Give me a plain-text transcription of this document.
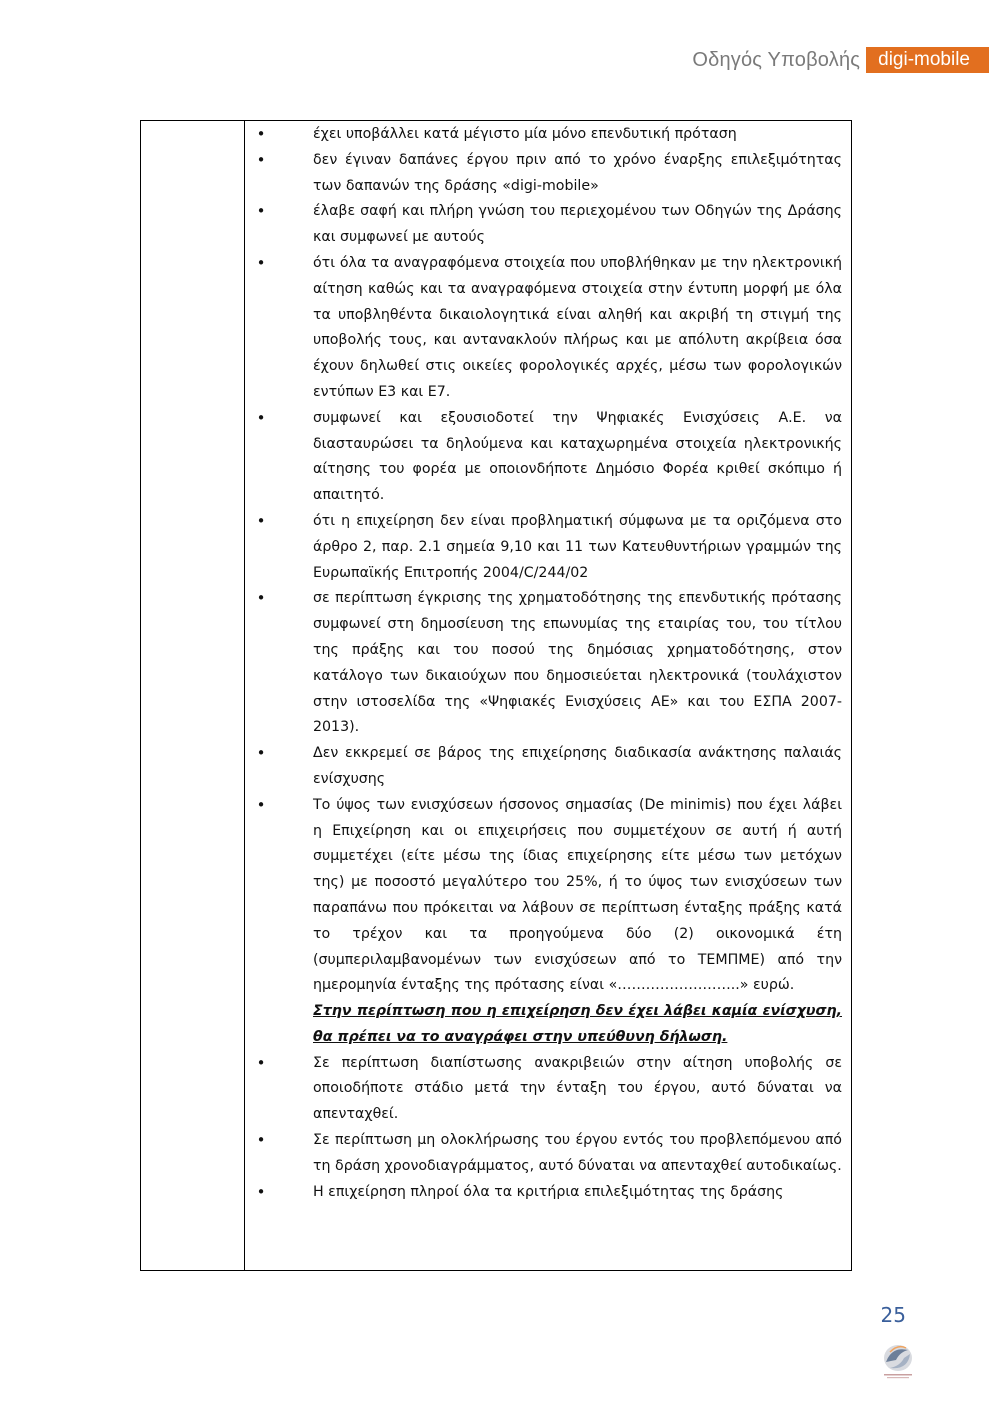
Οδηγός Υποβολής digi-mobile
•	έχει υποβάλλει κατά μέγιστο μία μόνο επενδυτική πρόταση
•	δεν έγιναν δαπάνες έργου πριν από το χρόνο έναρξης επιλεξιμότητας των δαπανών της δράσης «digi-mobile»
•	έλαβε σαφή και πλήρη γνώση του περιεχομένου των Οδηγών της Δράσης και συμφωνεί με αυτούς
•	ότι όλα τα αναγραφόμενα στοιχεία που υποβλήθηκαν με την ηλεκτρονική αίτηση καθώς και τα αναγραφόμενα στοιχεία στην έντυπη μορφή με όλα τα υποβληθέντα δικαιολογητικά είναι αληθή και ακριβή τη στιγμή της υποβολής τους, και αντανακλούν πλήρως και με απόλυτη ακρίβεια όσα έχουν δηλωθεί στις οικείες φορολογικές αρχές, μέσω των φορολογικών εντύπων Ε3 και Ε7.
•	συμφωνεί και εξουσιοδοτεί την Ψηφιακές Ενισχύσεις Α.Ε. να διασταυρώσει τα δηλούμενα και καταχωρημένα στοιχεία ηλεκτρονικής αίτησης του φορέα με οποιονδήποτε Δημόσιο Φορέα κριθεί σκόπιμο ή απαιτητό.
•	ότι η επιχείρηση δεν είναι προβληματική σύμφωνα με τα οριζόμενα στο άρθρο 2, παρ. 2.1 σημεία 9,10 και 11 των Κατευθυντήριων γραμμών της Ευρωπαϊκής Επιτροπής 2004/C/244/02
•	σε περίπτωση έγκρισης της χρηματοδότησης της επενδυτικής πρότασης συμφωνεί στη δημοσίευση της επωνυμίας της εταιρίας του, του τίτλου της πράξης και του ποσού της δημόσιας χρηματοδότησης, στον κατάλογο των δικαιούχων που δημοσιεύεται ηλεκτρονικά (τουλάχιστον στην ιστοσελίδα της «Ψηφιακές Ενισχύσεις ΑΕ» και του ΕΣΠΑ 2007-2013).
•	Δεν εκκρεμεί σε βάρος της επιχείρησης διαδικασία ανάκτησης παλαιάς ενίσχυσης
•	Το ύψος των ενισχύσεων ήσσονος σημασίας (De minimis) που έχει λάβει η Επιχείρηση και οι επιχειρήσεις που συμμετέχουν σε αυτή ή αυτή συμμετέχει (είτε μέσω της ίδιας επιχείρησης είτε μέσω των μετόχων της) με ποσοστό μεγαλύτερο του 25%, ή το ύψος των ενισχύσεων των παραπάνω που πρόκειται να λάβουν σε περίπτωση ένταξης πράξης κατά το τρέχον και τα προηγούμενα δύο (2) οικονομικά έτη (συμπεριλαμβανομένων των ενισχύσεων από το ΤΕΜΠΜΕ) από την ημερομηνία ένταξης της πρότασης είναι «……………………..» ευρώ.
Στην περίπτωση που η επιχείρηση δεν έχει λάβει καμία ενίσχυση, θα πρέπει να το αναγράφει στην υπεύθυνη δήλωση.
•	Σε περίπτωση διαπίστωσης ανακριβειών στην αίτηση υποβολής σε οποιοδήποτε στάδιο μετά την ένταξη του έργου, αυτό δύναται να απενταχθεί.
•	Σε περίπτωση μη ολοκλήρωσης του έργου εντός του προβλεπόμενου από τη δράση χρονοδιαγράμματος, αυτό δύναται να απενταχθεί αυτοδικαίως.
•	Η επιχείρηση πληροί όλα τα κριτήρια επιλεξιμότητας της δράσης
25
